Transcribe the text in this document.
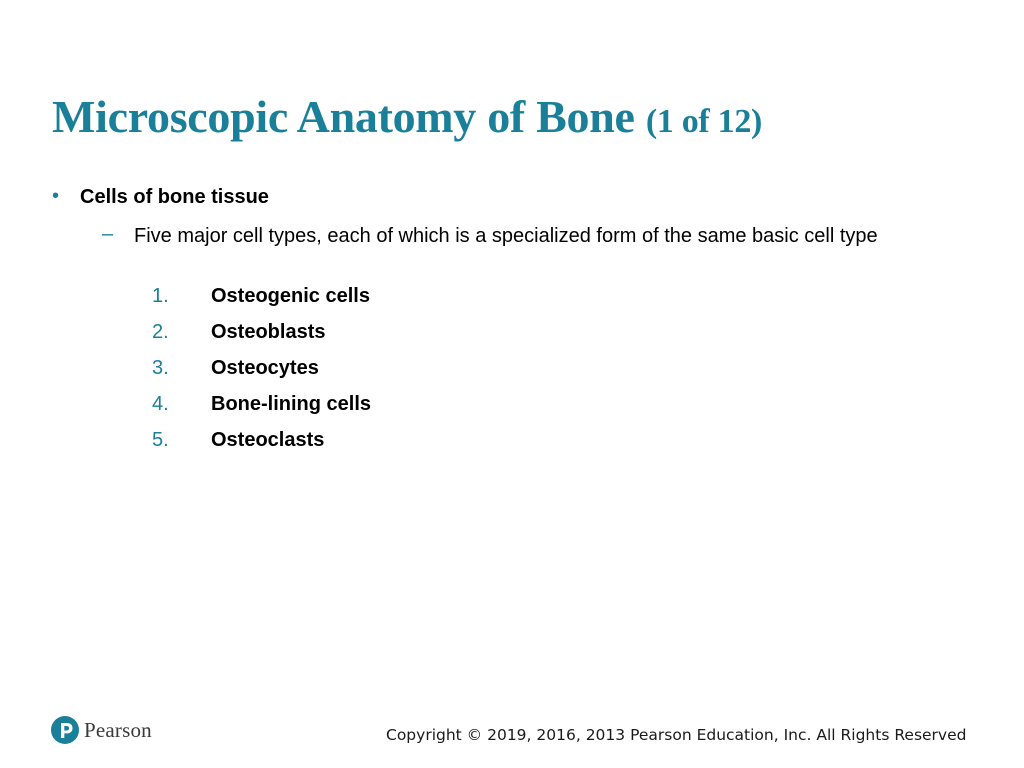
Microscopic Anatomy of Bone (1 of 12)
• Cells of bone tissue
– Five major cell types, each of which is a specialized form of the same basic cell type
1.	Osteogenic cells
2.	Osteoblasts
3.	Osteocytes
4.	Bone-lining cells
5.	Osteoclasts
Pearson	Copyright © 2019, 2016, 2013 Pearson Education, Inc. All Rights Reserved
